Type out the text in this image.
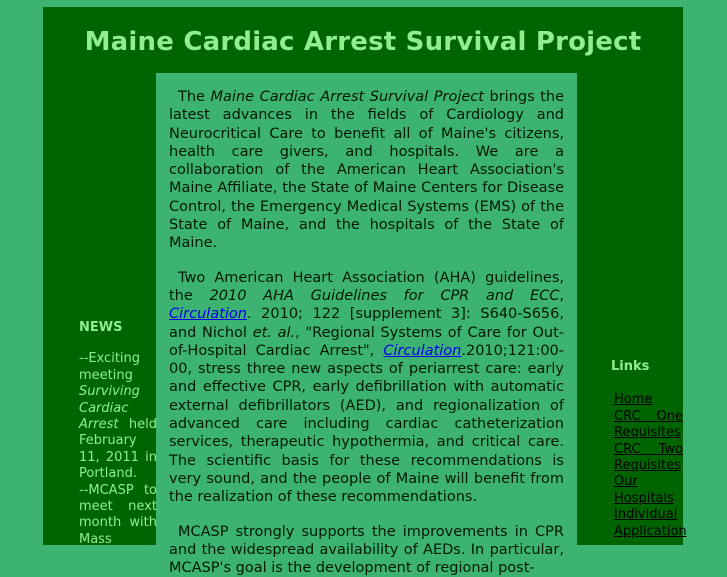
Maine Cardiac Arrest Survival Project

The Maine Cardiac Arrest Survival Project brings the latest advances in the fields of Cardiology and Neurocritical Care to benefit all of Maine's citizens, health care givers, and hospitals. We are a collaboration of the American Heart Association's Maine Affiliate, the State of Maine Centers for Disease Control, the Emergency Medical Systems (EMS) of the State of Maine, and the hospitals of the State of Maine.

Two American Heart Association (AHA) guidelines, the 2010 AHA Guidelines for CPR and ECC, Circulation. 2010; 122 [supplement 3]: S640-S656, and Nichol et. al., "Regional Systems of Care for Out-of-Hospital Cardiac Arrest", Circulation.2010;121:00-00, stress three new aspects of periarrest care: early and effective CPR, early defibrillation with automatic external defibrillators (AED), and regionalization of advanced care including cardiac catheterization services, therapeutic hypothermia, and critical care. The scientific basis for these recommendations is very sound, and the people of Maine will benefit from the realization of these recommendations.

MCASP strongly supports the improvements in CPR and the widespread availability of AEDs. In particular, MCASP's goal is the development of regional post-

NEWS
--Exciting meeting Surviving Cardiac Arrest held February 11, 2011 in Portland.
--MCASP to meet next month with Mass
Links
Home
CRC One Requisites
CRC Two Requisites
Our Hospitals
Individual Application
